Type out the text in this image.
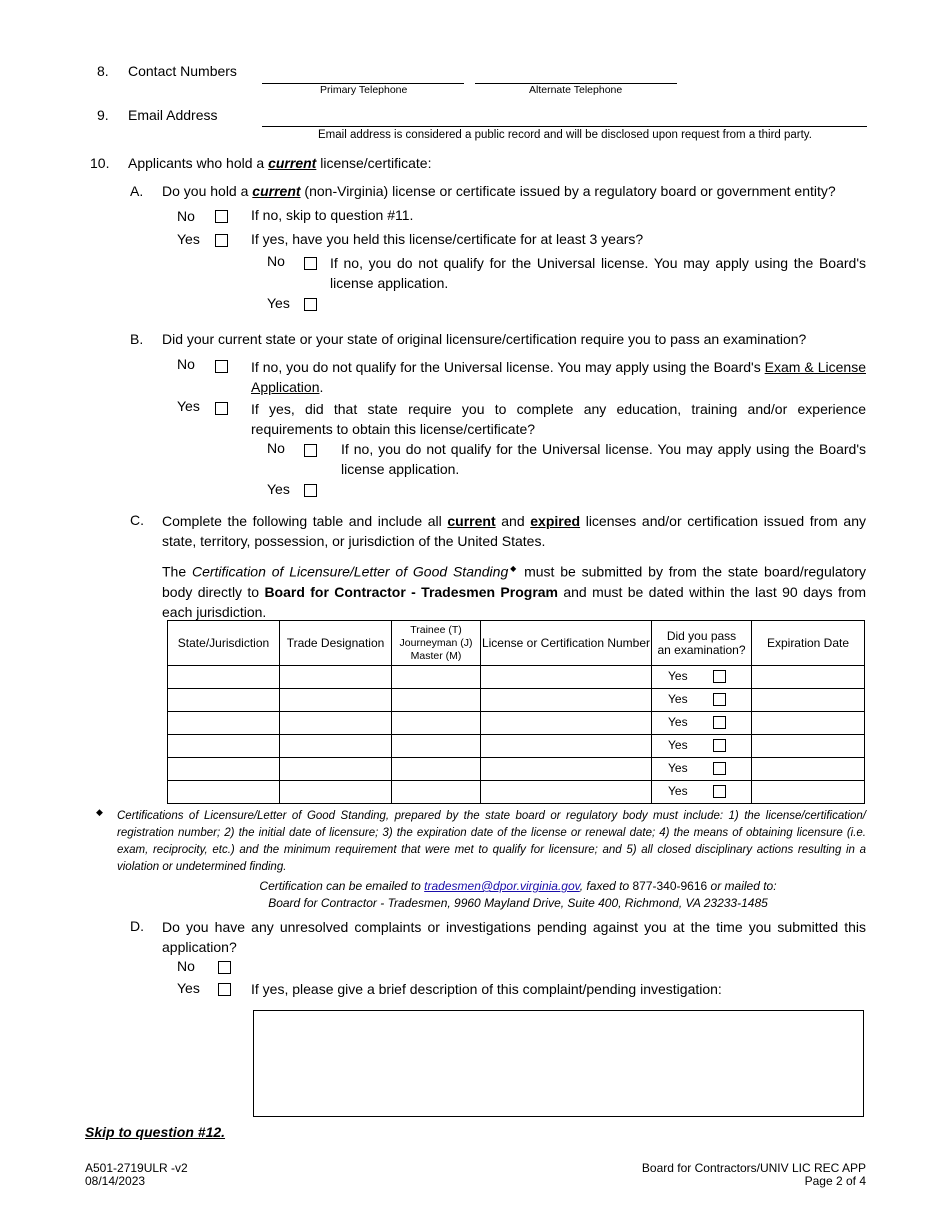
8. Contact Numbers
Primary Telephone	Alternate Telephone
9. Email Address
Email address is considered a public record and will be disclosed upon request from a third party.
10. Applicants who hold a current license/certificate:
A. Do you hold a current (non-Virginia) license or certificate issued by a regulatory board or government entity?
No	If no, skip to question #11.
Yes	If yes, have you held this license/certificate for at least 3 years?
No	If no, you do not qualify for the Universal license. You may apply using the Board's license application.
Yes
B. Did your current state or your state of original licensure/certification require you to pass an examination?
No	If no, you do not qualify for the Universal license. You may apply using the Board's Exam & License Application.
Yes	If yes, did that state require you to complete any education, training and/or experience requirements to obtain this license/certificate?
No	If no, you do not qualify for the Universal license. You may apply using the Board's license application.
Yes
C. Complete the following table and include all current and expired licenses and/or certification issued from any state, territory, possession, or jurisdiction of the United States.
The Certification of Licensure/Letter of Good Standing◆ must be submitted by from the state board/regulatory body directly to Board for Contractor - Tradesmen Program and must be dated within the last 90 days from each jurisdiction.
State/Jurisdiction	Trade Designation	Trainee (T)
Journeyman (J)
Master (M)	License or Certification Number	Did you pass
an examination?	Expiration Date

				Yes	

				Yes	

				Yes	

				Yes	

				Yes	

				Yes	

◆ Certifications of Licensure/Letter of Good Standing, prepared by the state board or regulatory body must include: 1) the license/certification/ registration number; 2) the initial date of licensure; 3) the expiration date of the license or renewal date; 4) the means of obtaining licensure (i.e. exam, reciprocity, etc.) and the minimum requirement that were met to qualify for licensure; and 5) all closed disciplinary actions resulting in a violation or undetermined finding.
Certification can be emailed to tradesmen@dpor.virginia.gov, faxed to 877-340-9616 or mailed to:
Board for Contractor - Tradesmen, 9960 Mayland Drive, Suite 400, Richmond, VA 23233-1485
D. Do you have any unresolved complaints or investigations pending against you at the time you submitted this application?
No
Yes	If yes, please give a brief description of this complaint/pending investigation:
Skip to question #12.
A501-2719ULR -v2
08/14/2023
Board for Contractors/UNIV LIC REC APP
Page 2 of 4
